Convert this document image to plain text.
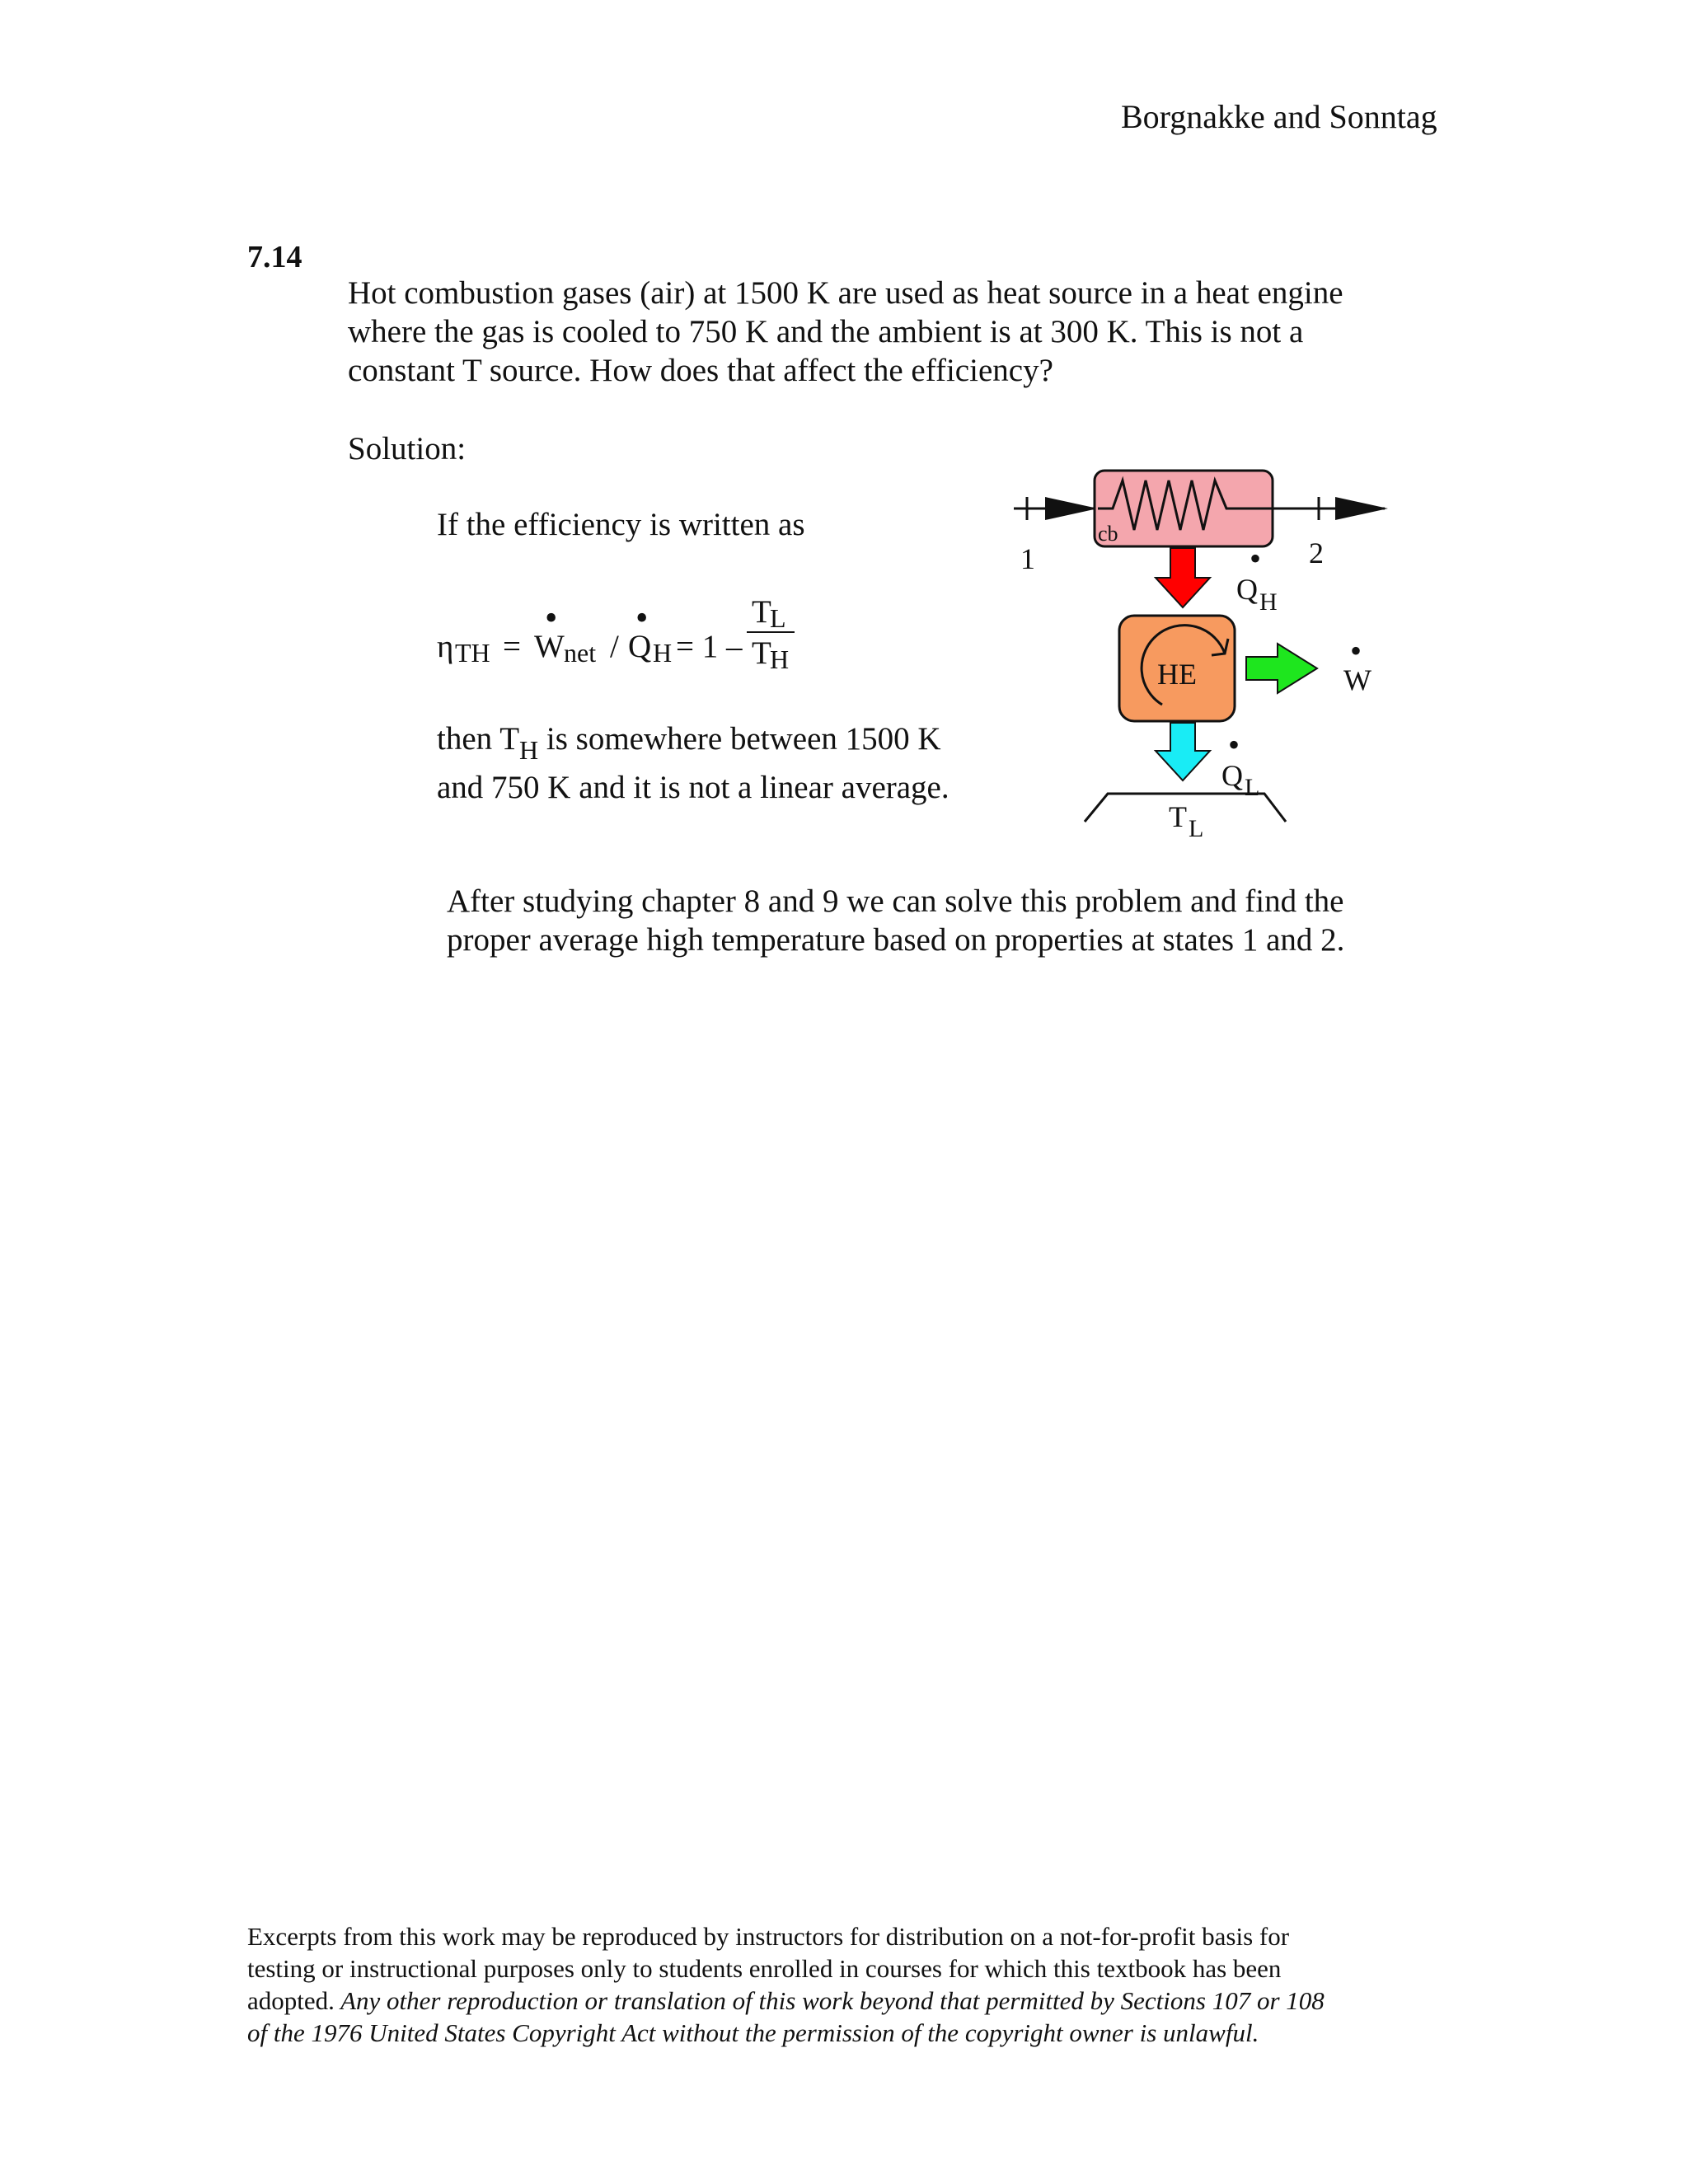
Borgnakke and Sonntag
7.14
Hot combustion gases (air) at 1500 K are used as heat source in a heat engine
where the gas is cooled to 750 K and the ambient is at 300 K. This is not a
constant T source. How does that affect the efficiency?
Solution:
If the efficiency is written as
η TH = W
•
net / Q
•
H = 1 –
T
L
T
H
then $T_H$ is somewhere between 1500 K
and 750 K and it is not a linear average.
cb
1	2
•
Q H
HE
•
W
•
Q L
T L
After studying chapter 8 and 9 we can solve this problem and find the
proper average high temperature based on properties at states 1 and 2.
Excerpts from this work may be reproduced by instructors for distribution on a not-for-profit basis for
testing or instructional purposes only to students enrolled in courses for which this textbook has been
adopted. Any other reproduction or translation of this work beyond that permitted by Sections 107 or 108
of the 1976 United States Copyright Act without the permission of the copyright owner is unlawful.
